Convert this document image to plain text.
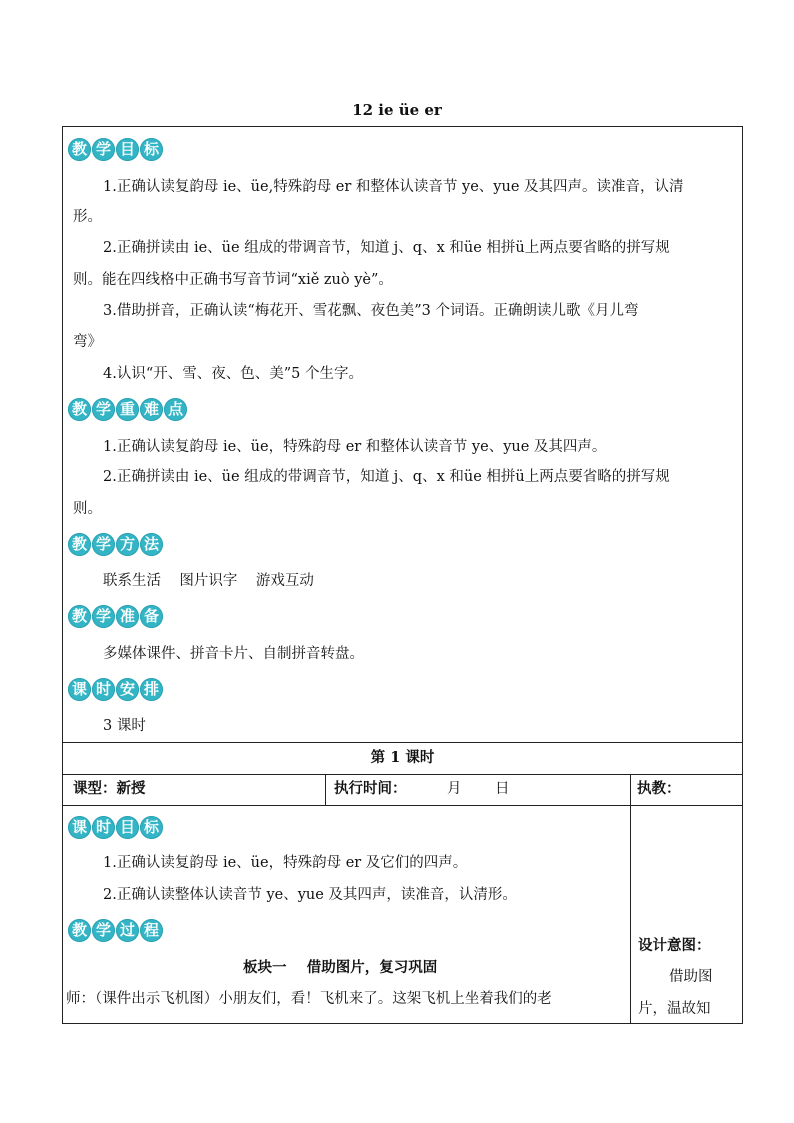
12 ie üe er
教 学 目 标
1.正确认读复韵母 ie、üe,特殊韵母 er 和整体认读音节 ye、yue 及其四声。读准音，认清
形。
2.正确拼读由 ie、üe 组成的带调音节，知道 j、q、x 和üe 相拼ü上两点要省略的拼写规
则。能在四线格中正确书写音节词“xiě zuò yè”。
3.借助拼音，正确认读“梅花开、雪花飘、夜色美”3 个词语。正确朗读儿歌《月儿弯
弯》
4.认识“开、雪、夜、色、美”5 个生字。
教 学 重 难 点
1.正确认读复韵母 ie、üe，特殊韵母 er 和整体认读音节 ye、yue 及其四声。
2.正确拼读由 ie、üe 组成的带调音节，知道 j、q、x 和üe 相拼ü上两点要省略的拼写规
则。
教 学 方 法
联系生活    图片识字    游戏互动
教 学 准 备
多媒体课件、拼音卡片、自制拼音转盘。
课 时 安 排
3 课时
第 1 课时
课型：新授	执行时间：	月 日	执教：
课 时 目 标
1.正确认读复韵母 ie、üe，特殊韵母 er 及它们的四声。
2.正确认读整体认读音节 ye、yue 及其四声，读准音，认清形。
教 学 过 程
板块一    借助图片，复习巩固
师：（课件出示飞机图）小朋友们，看！飞机来了。这架飞机上坐着我们的老
设计意图：
借助图
片，温故知
